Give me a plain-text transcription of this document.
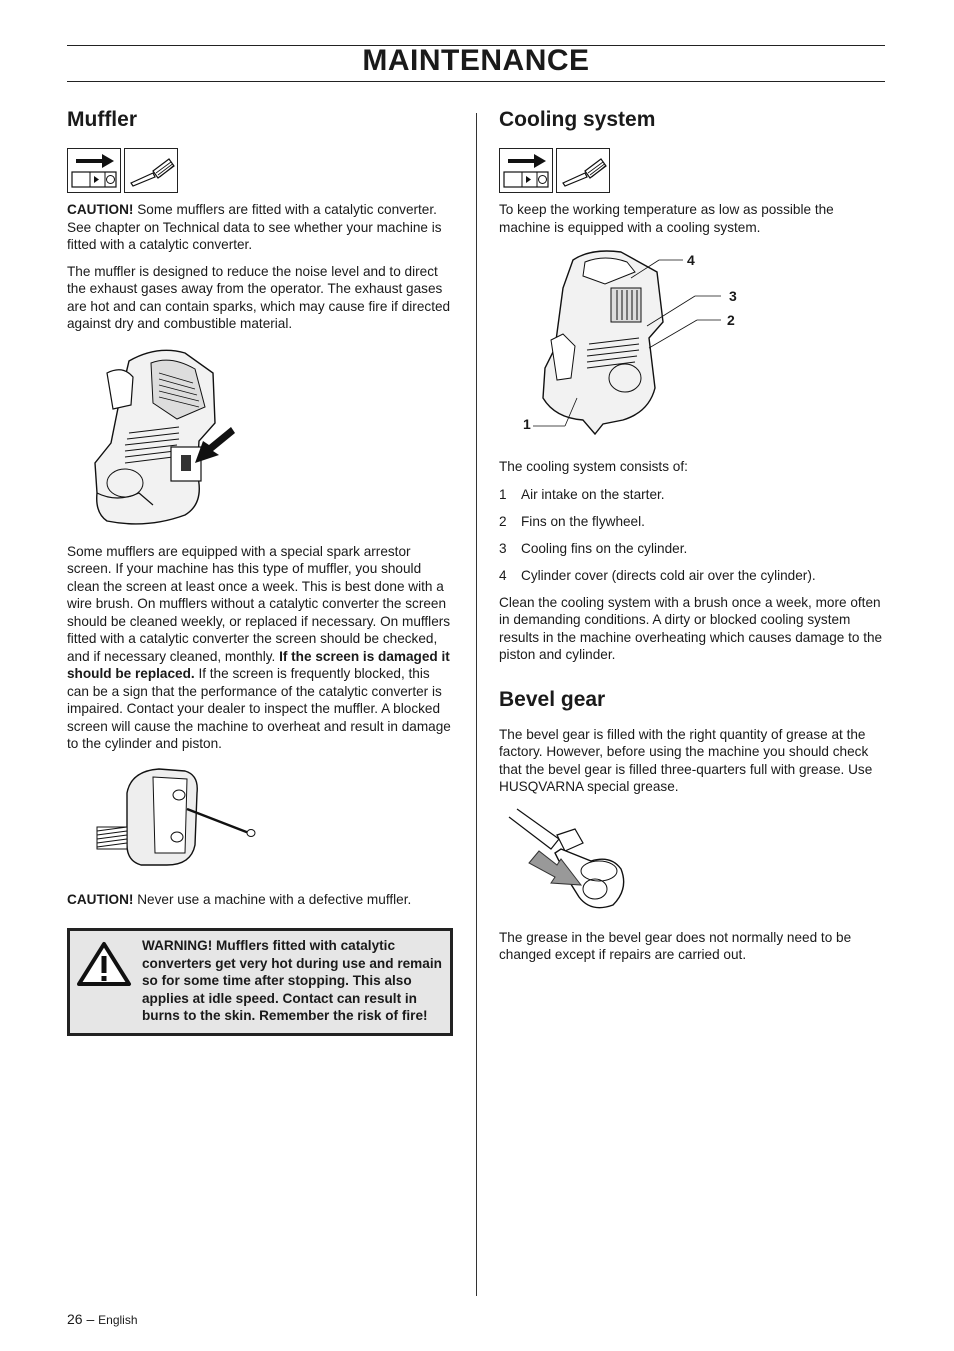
MAINTENANCE
Muffler

CAUTION! Some mufflers are fitted with a catalytic converter. See chapter on Technical data to see whether your machine is fitted with a catalytic converter.

The muffler is designed to reduce the noise level and to direct the exhaust gases away from the operator. The exhaust gases are hot and can contain sparks, which may cause fire if directed against dry and combustible material.

Some mufflers are equipped with a special spark arrestor screen. If your machine has this type of muffler, you should clean the screen at least once a week. This is best done with a wire brush. On mufflers without a catalytic converter the screen should be cleaned weekly, or replaced if necessary. On mufflers fitted with a catalytic converter the screen should be checked, and if necessary cleaned, monthly. If the screen is damaged it should be replaced. If the screen is frequently blocked, this can be a sign that the performance of the catalytic converter is impaired. Contact your dealer to inspect the muffler. A blocked screen will cause the machine to overheat and result in damage to the cylinder and piston.

CAUTION! Never use a machine with a defective muffler.

WARNING! Mufflers fitted with catalytic converters get very hot during use and remain so for some time after stopping. This also applies at idle speed. Contact can result in burns to the skin. Remember the risk of fire!

Cooling system

To keep the working temperature as low as possible the machine is equipped with a cooling system.

4
3
2
1

The cooling system consists of:

1	Air intake on the starter.
2	Fins on the flywheel.
3	Cooling fins on the cylinder.
4	Cylinder cover (directs cold air over the cylinder).

Clean the cooling system with a brush once a week, more often in demanding conditions. A dirty or blocked cooling system results in the machine overheating which causes damage to the piston and cylinder.

Bevel gear

The bevel gear is filled with the right quantity of grease at the factory. However, before using the machine you should check that the bevel gear is filled three-quarters full with grease. Use HUSQVARNA special grease.

The grease in the bevel gear does not normally need to be changed except if repairs are carried out.

26 – English
